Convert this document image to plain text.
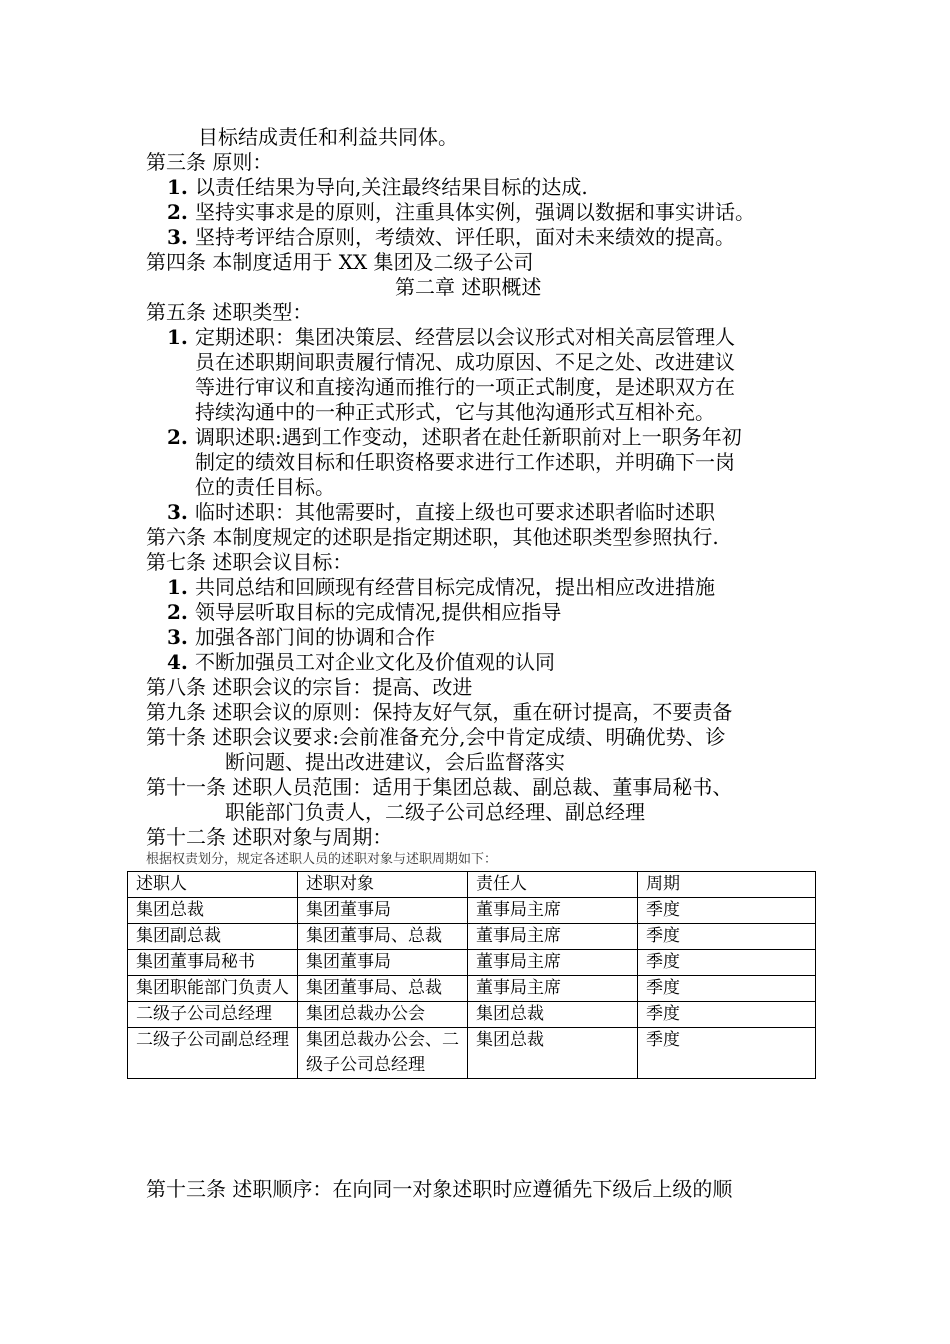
目标结成责任和利益共同体。
第三条 原则：
1. 以责任结果为导向,关注最终结果目标的达成.
2. 坚持实事求是的原则，注重具体实例，强调以数据和事实讲话。
3. 坚持考评结合原则，考绩效、评任职，面对未来绩效的提高。
第四条 本制度适用于 XX 集团及二级子公司
第二章 述职概述
第五条 述职类型：
1. 定期述职：集团决策层、经营层以会议形式对相关高层管理人
员在述职期间职责履行情况、成功原因、不足之处、改进建议
等进行审议和直接沟通而推行的一项正式制度，是述职双方在
持续沟通中的一种正式形式，它与其他沟通形式互相补充。
2. 调职述职:遇到工作变动，述职者在赴任新职前对上一职务年初
制定的绩效目标和任职资格要求进行工作述职，并明确下一岗
位的责任目标。
3. 临时述职：其他需要时，直接上级也可要求述职者临时述职
第六条 本制度规定的述职是指定期述职，其他述职类型参照执行.
第七条 述职会议目标：
1. 共同总结和回顾现有经营目标完成情况，提出相应改进措施
2. 领导层听取目标的完成情况,提供相应指导
3. 加强各部门间的协调和合作
4. 不断加强员工对企业文化及价值观的认同
第八条 述职会议的宗旨：提高、改进
第九条 述职会议的原则：保持友好气氛，重在研讨提高，不要责备
第十条 述职会议要求:会前准备充分,会中肯定成绩、明确优势、诊
断问题、提出改进建议，会后监督落实
第十一条 述职人员范围：适用于集团总裁、副总裁、董事局秘书、
职能部门负责人，二级子公司总经理、副总经理
第十二条 述职对象与周期：
根据权责划分，规定各述职人员的述职对象与述职周期如下：
述职人	述职对象	责任人	周期
集团总裁	集团董事局	董事局主席	季度
集团副总裁	集团董事局、总裁	董事局主席	季度
集团董事局秘书	集团董事局	董事局主席	季度
集团职能部门负责人	集团董事局、总裁	董事局主席	季度
二级子公司总经理	集团总裁办公会	集团总裁	季度
二级子公司副总经理	集团总裁办公会、二级子公司总经理	集团总裁	季度
第十三条 述职顺序：在向同一对象述职时应遵循先下级后上级的顺
